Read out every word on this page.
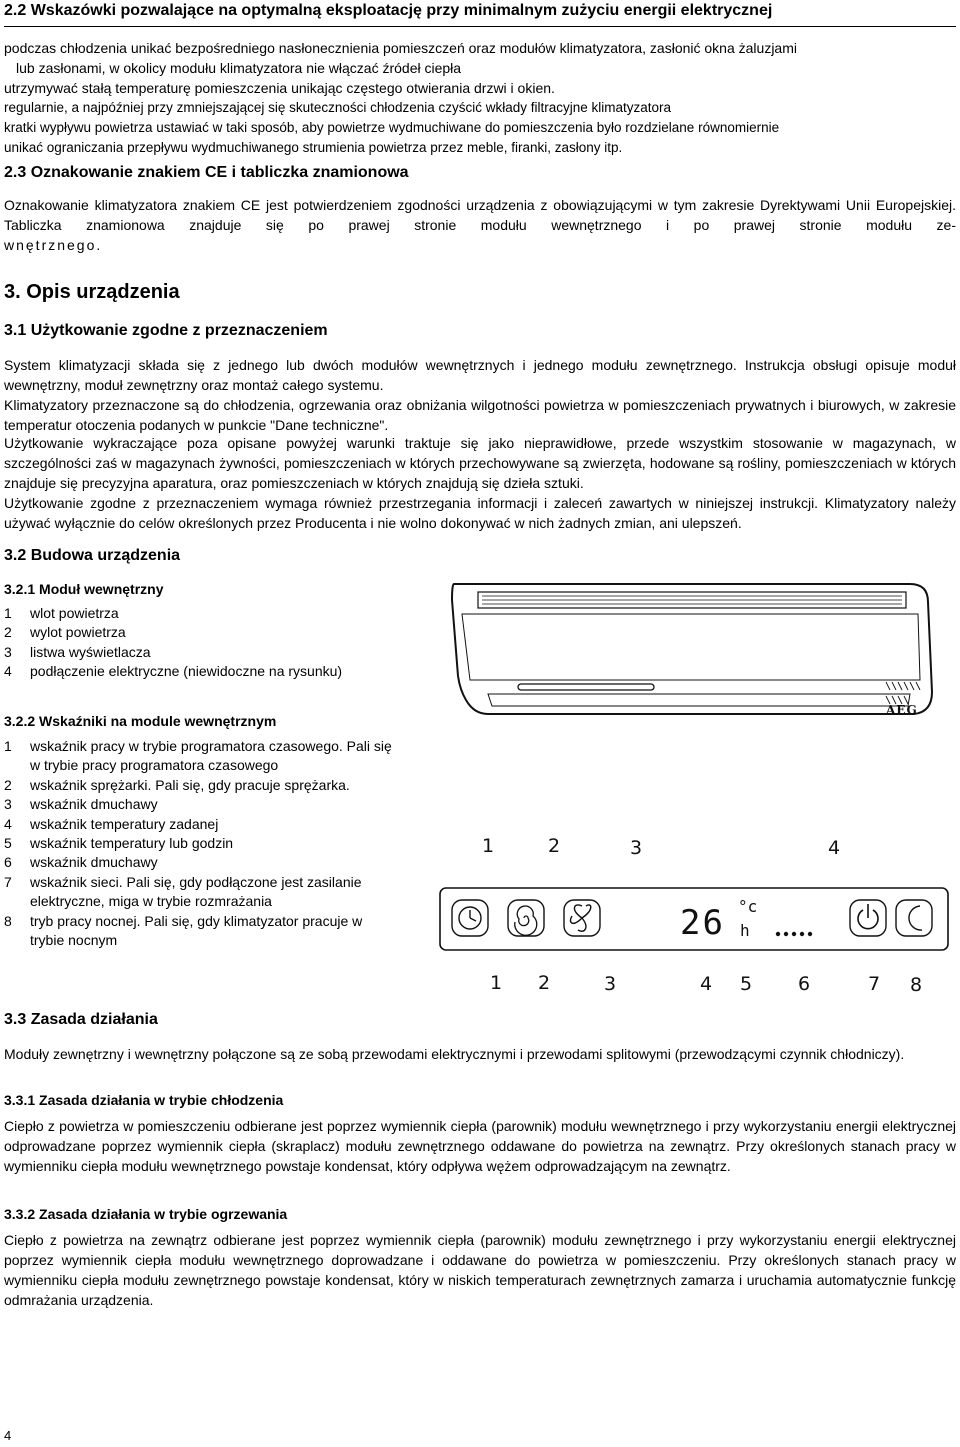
2.2 Wskazówki pozwalające na optymalną eksploatację przy minimalnym zużyciu energii elektrycznej

podczas chłodzenia unikać bezpośredniego nasłonecznienia pomieszczeń oraz modułów klimatyzatora, zasłonić okna żaluzjami

lub zasłonami, w okolicy modułu klimatyzatora nie włączać źródeł ciepła

utrzymywać stałą temperaturę pomieszczenia unikając częstego otwierania drzwi i okien.

regularnie, a najpóźniej przy zmniejszającej się skuteczności chłodzenia czyścić wkłady filtracyjne klimatyzatora

kratki wypływu powietrza ustawiać w taki sposób, aby powietrze wydmuchiwane do pomieszczenia było rozdzielane równomiernie

unikać ograniczania przepływu wydmuchiwanego strumienia powietrza przez meble, firanki, zasłony itp.

2.3 Oznakowanie znakiem CE i tabliczka znamionowa

Oznakowanie klimatyzatora znakiem CE jest potwierdzeniem zgodności urządzenia z obowiązującymi w tym zakresie Dyrektywami Unii Europejskiej. Tabliczka znamionowa znajduje się po prawej stronie modułu wewnętrznego i po prawej stronie modułu ze-

wnętrznego.

3. Opis urządzenia
3.1 Użytkowanie zgodne z przeznaczeniem

System klimatyzacji składa się z jednego lub dwóch modułów wewnętrznych i jednego modułu zewnętrznego. Instrukcja obsługi opisuje moduł wewnętrzny, moduł zewnętrzny oraz montaż całego systemu.

Klimatyzatory przeznaczone są do chłodzenia, ogrzewania oraz obniżania wilgotności powietrza w pomieszczeniach prywatnych i biurowych, w zakresie temperatur otoczenia podanych w punkcie "Dane techniczne".

Użytkowanie wykraczające poza opisane powyżej warunki traktuje się jako nieprawidłowe, przede wszystkim stosowanie w magazynach, w szczególności zaś w magazynach żywności, pomieszczeniach w których przechowywane są zwierzęta, hodowane są rośliny, pomieszczeniach w których znajduje się precyzyjna aparatura, oraz pomieszczeniach w których znajdują się dzieła sztuki.

Użytkowanie zgodne z przeznaczeniem wymaga również przestrzegania informacji i zaleceń zawartych w niniejszej instrukcji. Klimatyzatory należy używać wyłącznie do celów określonych przez Producenta i nie wolno dokonywać w nich żadnych zmian, ani ulepszeń.

3.2 Budowa urządzenia
3.2.1 Moduł wewnętrzny
1 wlot powietrza
2 wylot powietrza
3 listwa wyświetlacza
4 podłączenie elektryczne (niewidoczne na rysunku)
3.2.2 Wskaźniki na module wewnętrznym
1 wskaźnik pracy w trybie programatora czasowego. Pali się w trybie pracy programatora czasowego
2 wskaźnik sprężarki. Pali się, gdy pracuje sprężarka.
3 wskaźnik dmuchawy
4 wskaźnik temperatury zadanej
5 wskaźnik temperatury lub godzin
6 wskaźnik dmuchawy
7 wskaźnik sieci. Pali się, gdy podłączone jest zasilanie elektryczne, miga w trybie rozmrażania
8 tryb pracy nocnej. Pali się, gdy klimatyzator pracuje w trybie nocnym
AEG
1	2	3	4
26 °c
h
1 2	3	4 5 6	7 8
3.3 Zasada działania

Moduły zewnętrzny i wewnętrzny połączone są ze sobą przewodami elektrycznymi i przewodami splitowymi (przewodzącymi czynnik chłodniczy).

3.3.1 Zasada działania w trybie chłodzenia

Ciepło z powietrza w pomieszczeniu odbierane jest poprzez wymiennik ciepła (parownik) modułu wewnętrznego i przy wykorzystaniu energii elektrycznej odprowadzane poprzez wymiennik ciepła (skraplacz) modułu zewnętrznego oddawane do powietrza na zewnątrz. Przy określonych stanach pracy w wymienniku ciepła modułu wewnętrznego powstaje kondensat, który odpływa wężem odprowadzającym na zewnątrz.

3.3.2 Zasada działania w trybie ogrzewania

Ciepło z powietrza na zewnątrz odbierane jest poprzez wymiennik ciepła (parownik) modułu zewnętrznego i przy wykorzystaniu energii elektrycznej poprzez wymiennik ciepła modułu wewnętrznego doprowadzane i oddawane do powietrza w pomieszczeniu. Przy określonych stanach pracy w wymienniku ciepła modułu zewnętrznego powstaje kondensat, który w niskich temperaturach zewnętrznych zamarza i uruchamia automatycznie funkcję odmrażania urządzenia.

4
